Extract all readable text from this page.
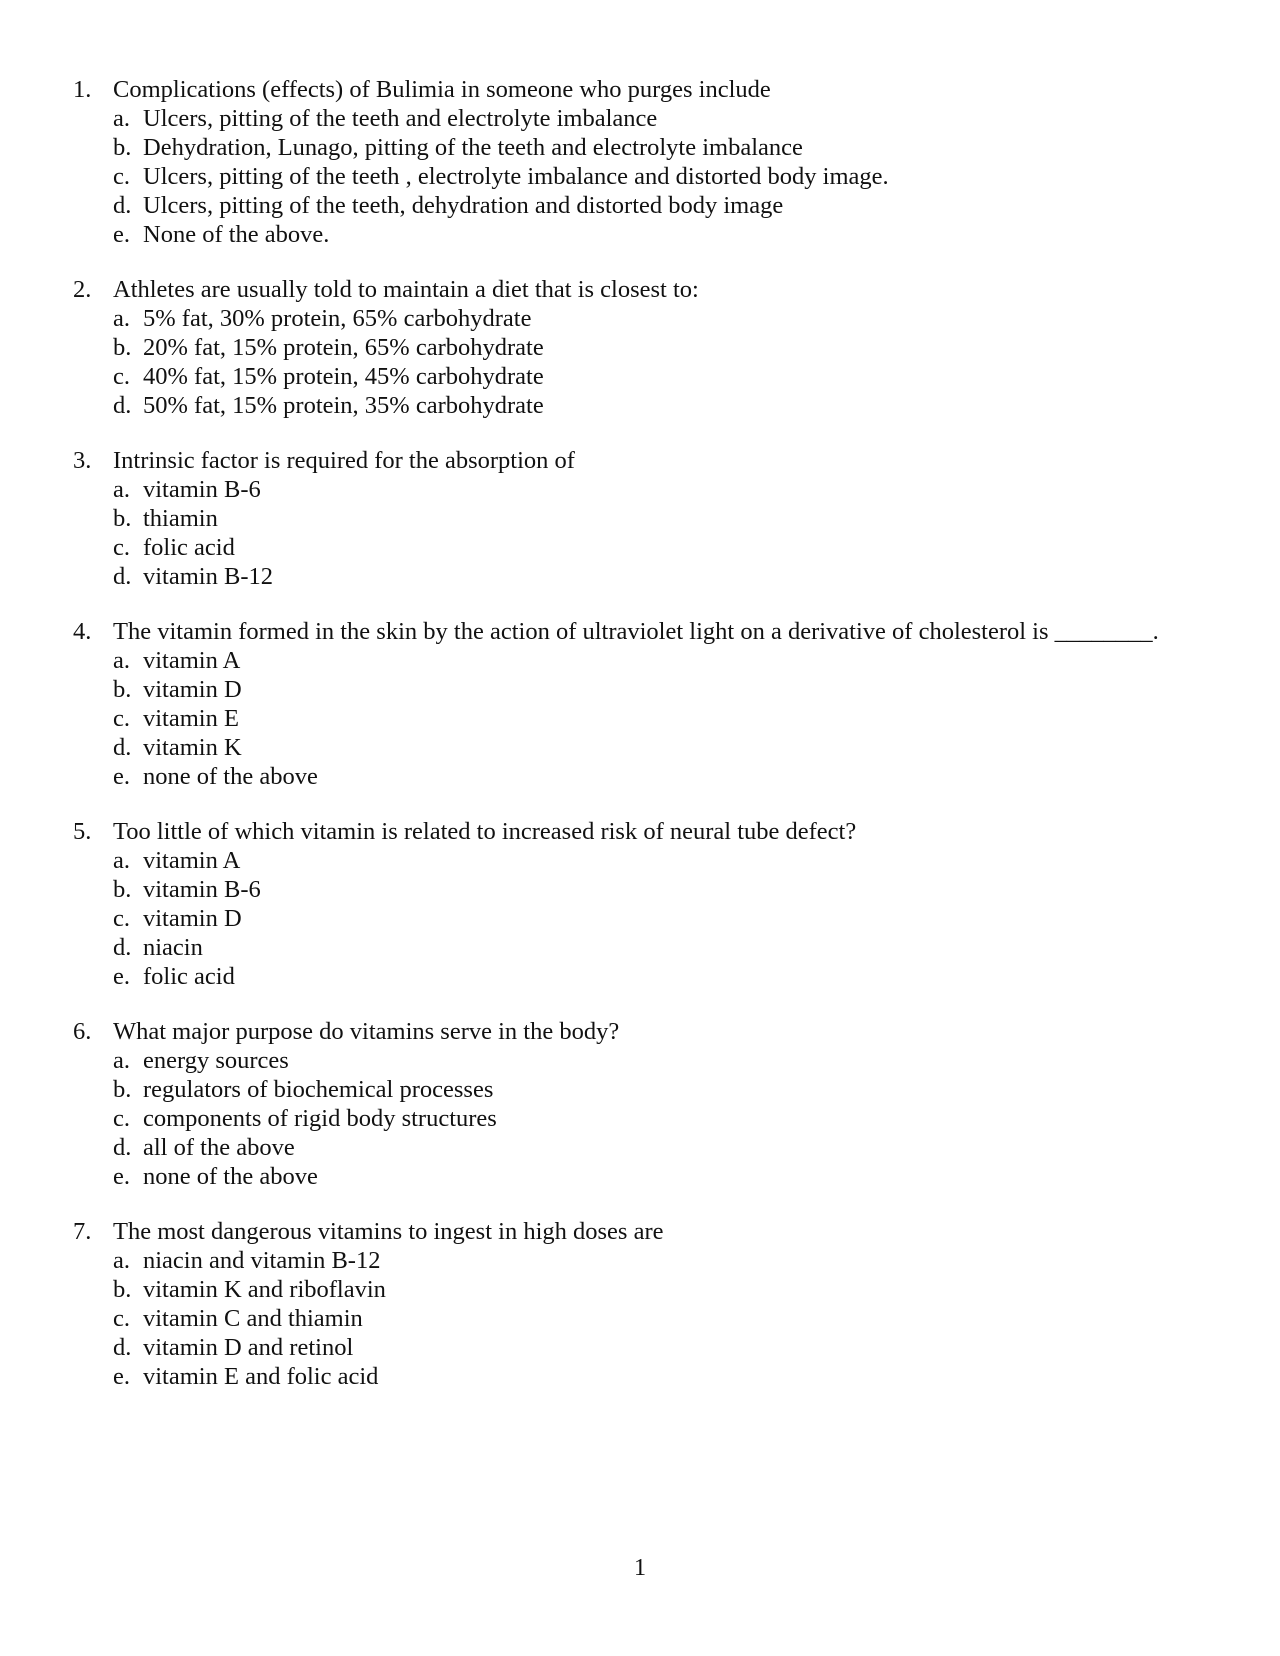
1. Complications (effects) of Bulimia in someone who purges include
a. Ulcers, pitting of the teeth and electrolyte imbalance
b. Dehydration, Lunago, pitting of the teeth and electrolyte imbalance
c. Ulcers, pitting of the teeth , electrolyte imbalance and distorted body image.
d. Ulcers, pitting of the teeth, dehydration and distorted body image
e. None of the above.
2. Athletes are usually told to maintain a diet that is closest to:
a. 5% fat, 30% protein, 65% carbohydrate
b. 20% fat, 15% protein, 65% carbohydrate
c. 40% fat, 15% protein, 45% carbohydrate
d. 50% fat, 15% protein, 35% carbohydrate
3. Intrinsic factor is required for the absorption of
a. vitamin B-6
b. thiamin
c. folic acid
d. vitamin B-12
4. The vitamin formed in the skin by the action of ultraviolet light on a derivative of cholesterol is ________.
a. vitamin A
b. vitamin D
c. vitamin E
d. vitamin K
e. none of the above
5. Too little of which vitamin is related to increased risk of neural tube defect?
a. vitamin A
b. vitamin B-6
c. vitamin D
d. niacin
e. folic acid
6. What major purpose do vitamins serve in the body?
a. energy sources
b. regulators of biochemical processes
c. components of rigid body structures
d. all of the above
e. none of the above
7. The most dangerous vitamins to ingest in high doses are
a. niacin and vitamin B-12
b. vitamin K and riboflavin
c. vitamin C and thiamin
d. vitamin D and retinol
e. vitamin E and folic acid
1
